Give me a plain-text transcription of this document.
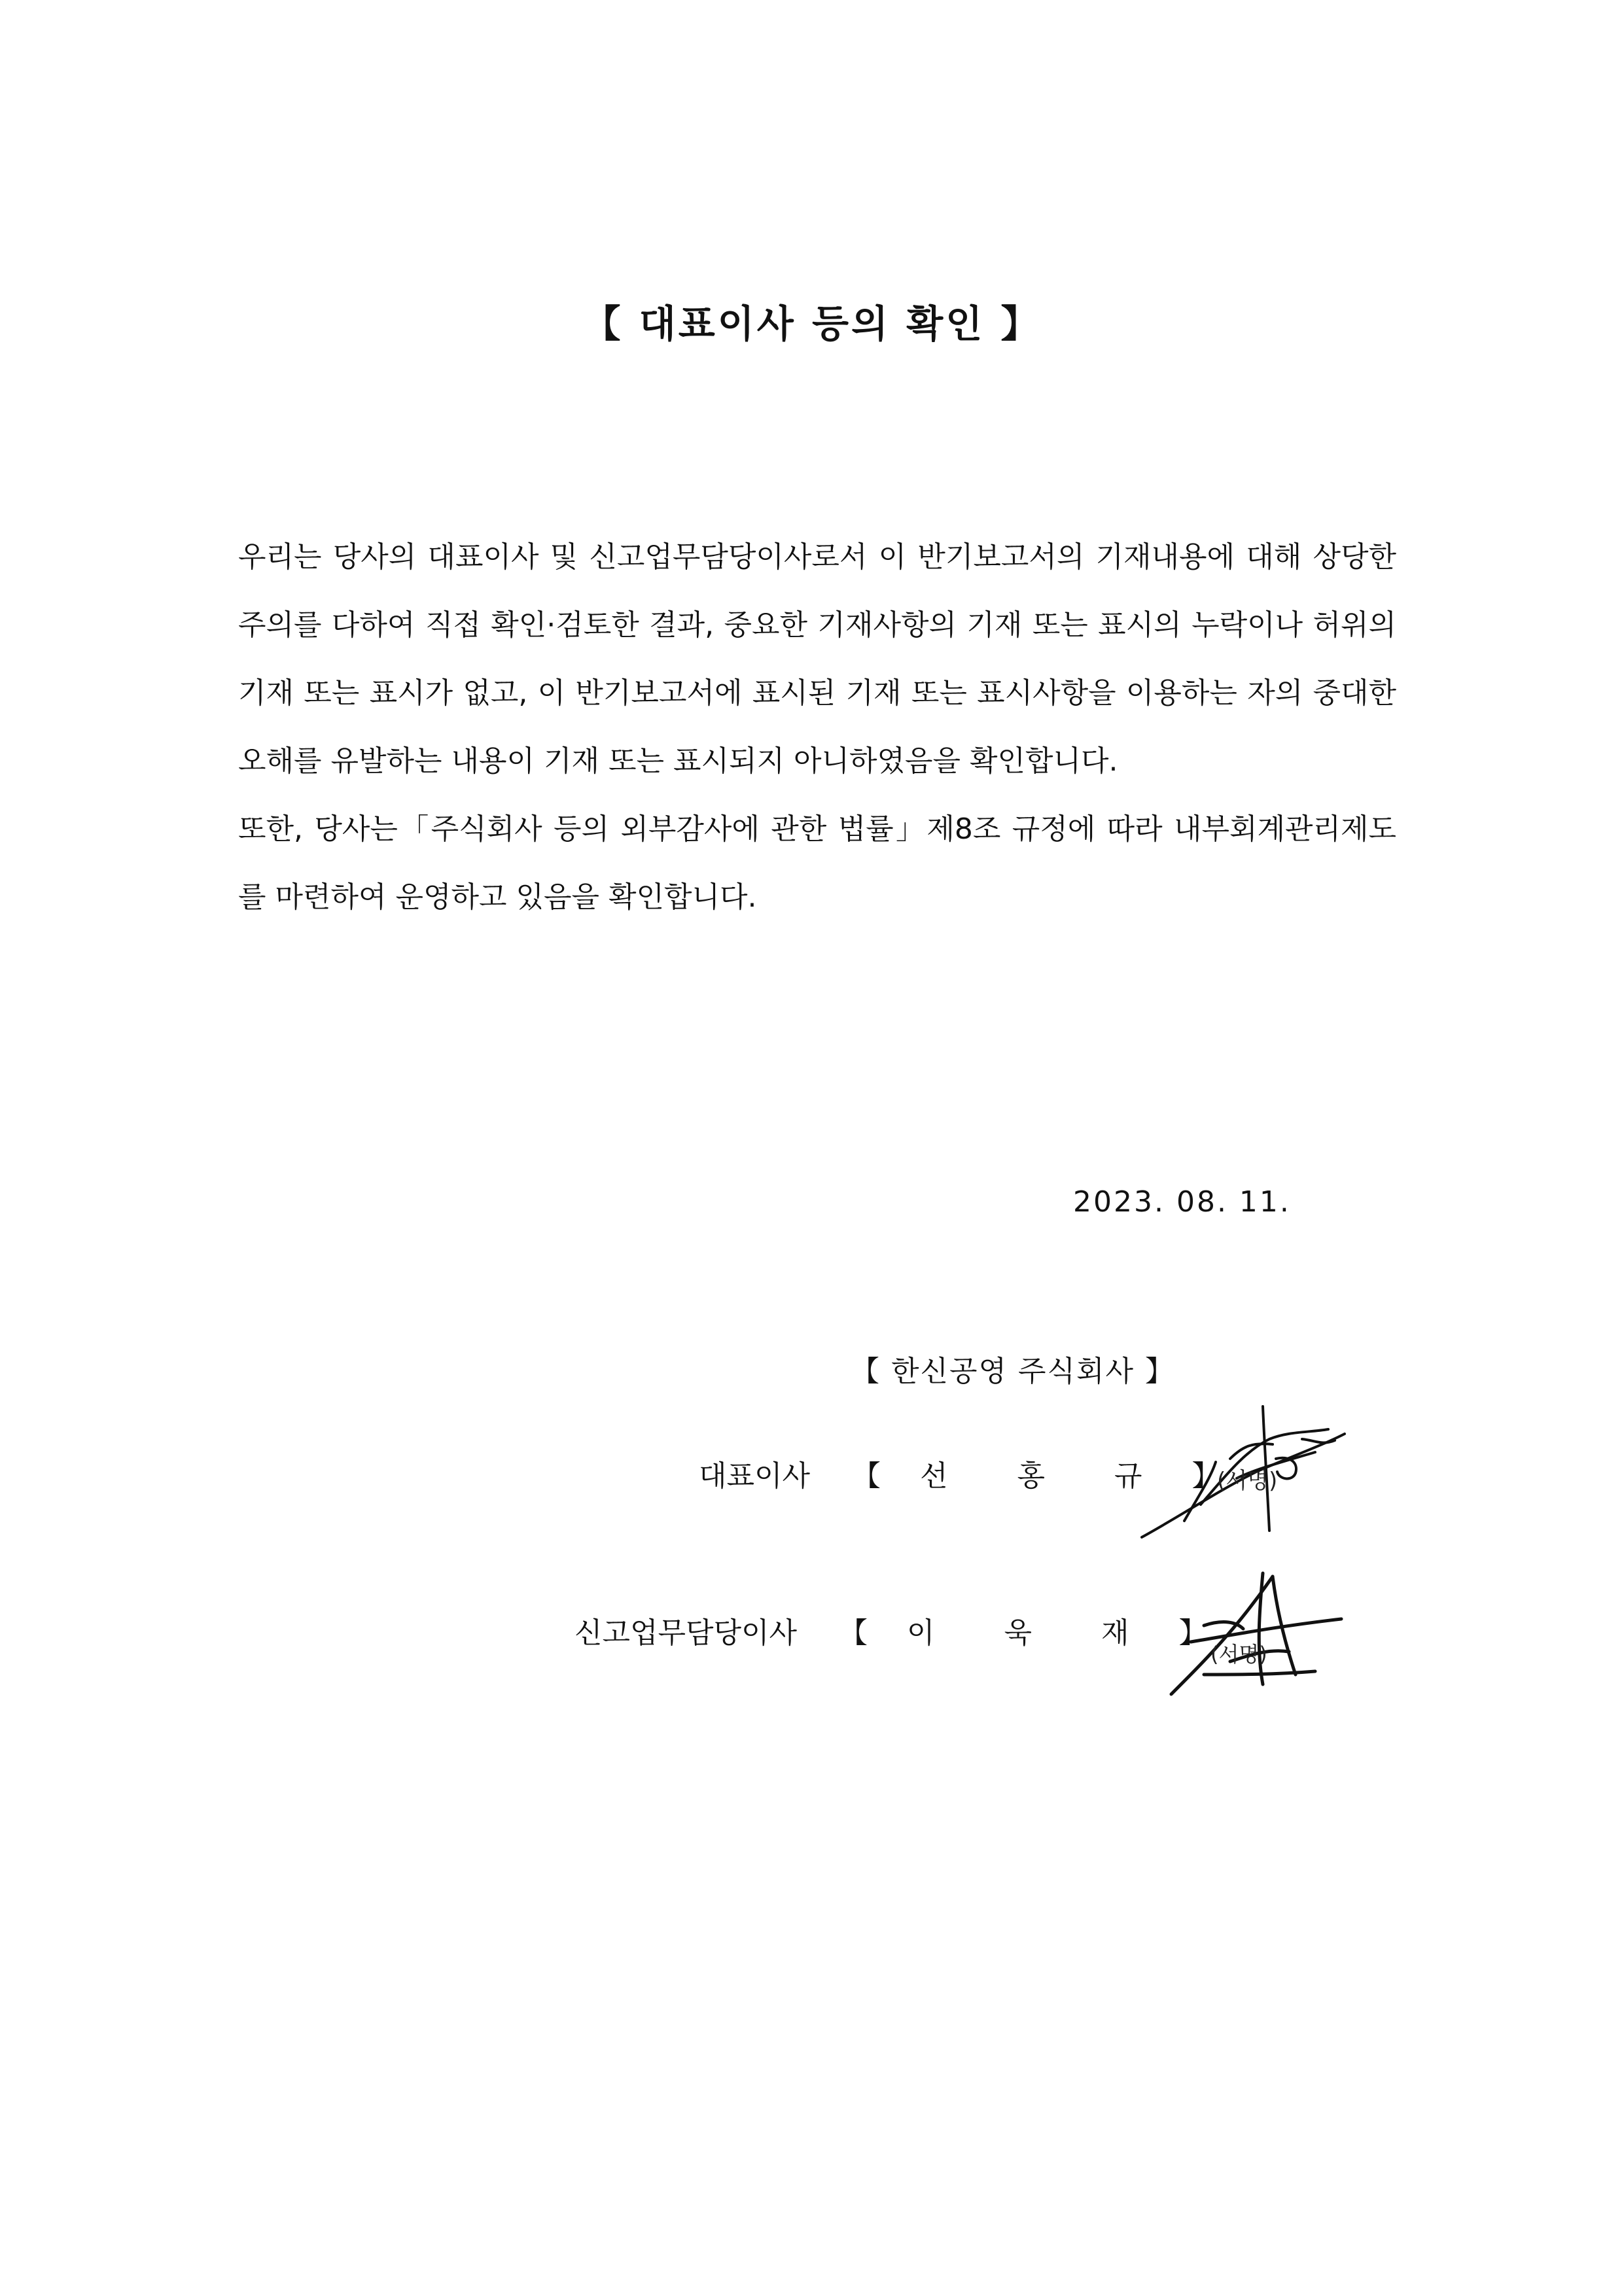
【 대표이사 등의 확인 】

우리는 당사의 대표이사 및 신고업무담당이사로서 이 반기보고서의 기재내용에 대해 상당한 주의를 다하여 직접 확인·검토한 결과, 중요한 기재사항의 기재 또는 표시의 누락이나 허위의 기재 또는 표시가 없고, 이 반기보고서에 표시된 기재 또는 표시사항을 이용하는 자의 중대한 오해를 유발하는 내용이 기재 또는 표시되지 아니하였음을 확인합니다.

또한, 당사는「주식회사 등의 외부감사에 관한 법률」제8조 규정에 따라 내부회계관리제도를 마련하여 운영하고 있음을 확인합니다.

2023. 08. 11.
【 한신공영 주식회사 】
대표이사 【 선 홍 규 】
신고업무담당이사 【 이 욱 재 】
(서명)
(서명)
